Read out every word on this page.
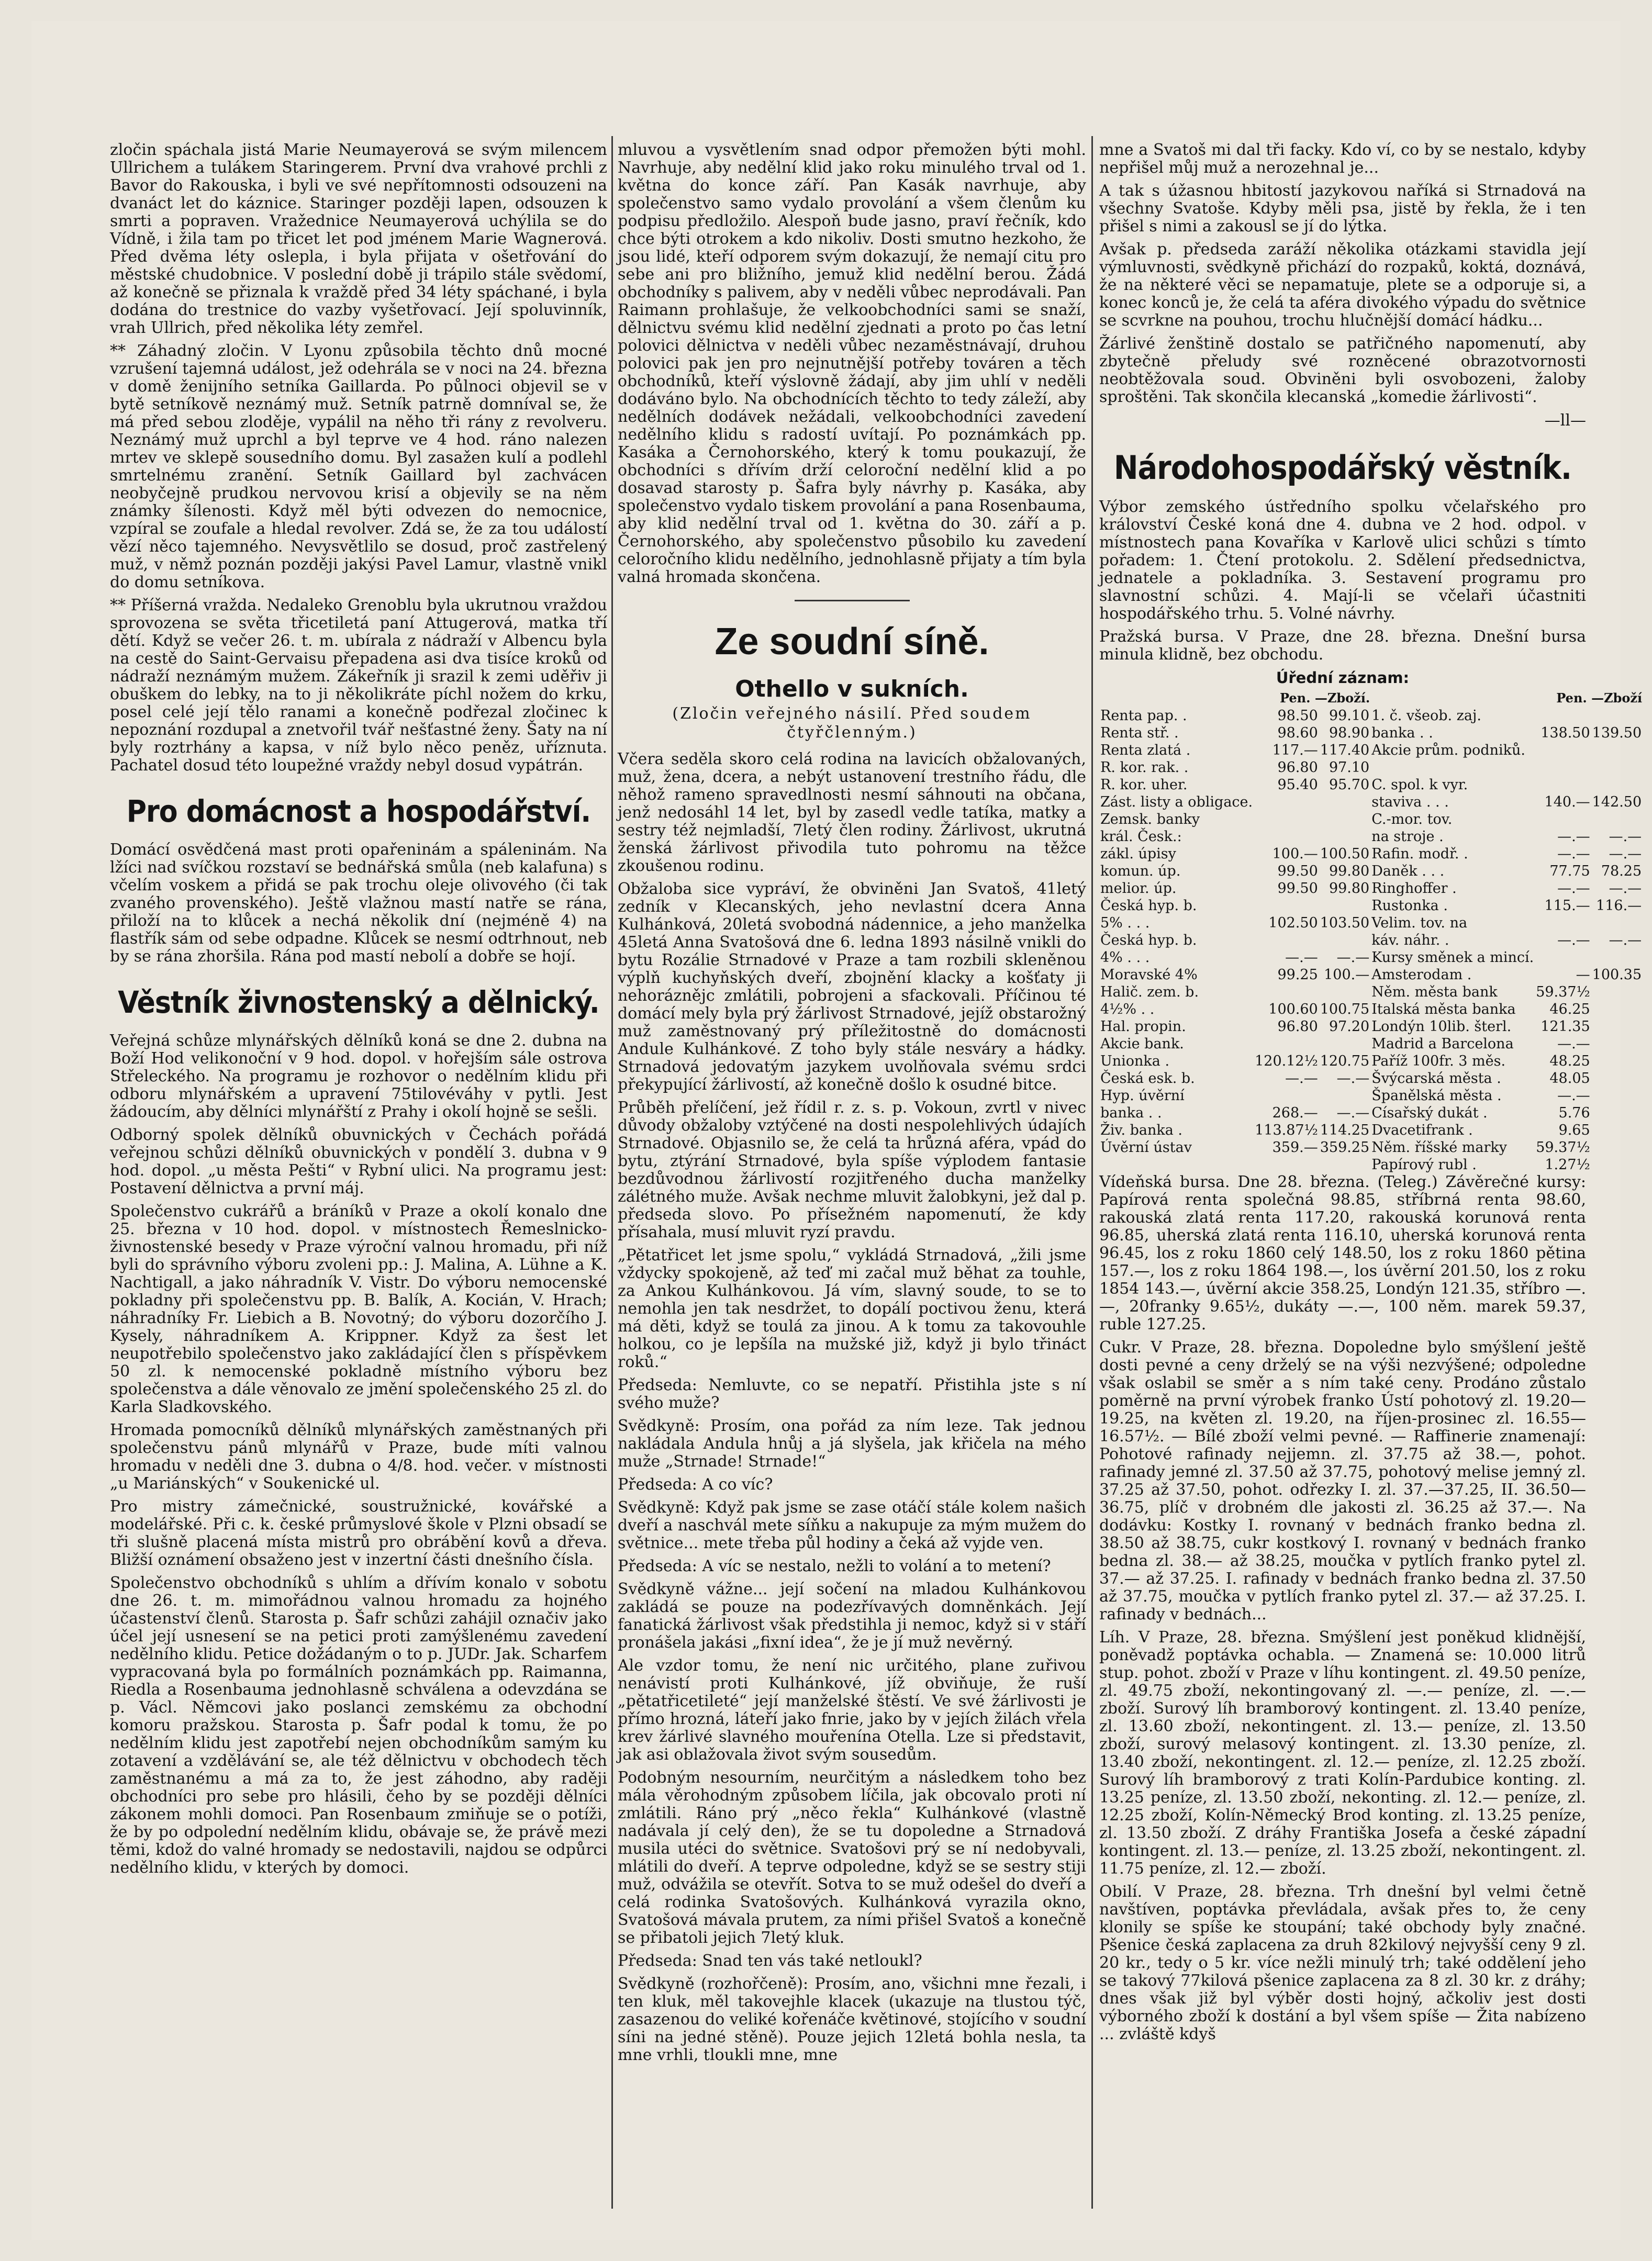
zločin spáchala jistá Marie Neumayerová se svým milencem Ullrichem a tulákem Staringerem. První dva vrahové prchli z Bavor do Rakouska, i byli ve své nepřítomnosti odsouzeni na dvanáct let do káznice. Staringer později lapen, odsouzen k smrti a popraven. Vražednice Neumayerová uchýlila se do Vídně, i žila tam po třicet let pod jménem Marie Wagnerová. Před dvěma léty oslepla, i byla přijata v ošetřování do městské chudobnice. V poslední době ji trápilo stále svědomí, až konečně se přiznala k vraždě před 34 léty spáchané, i byla dodána do trestnice do vazby vyšetřovací. Její spoluvinník, vrah Ullrich, před několika léty zemřel.

** Záhadný zločin. V Lyonu způsobila těchto dnů mocné vzrušení tajemná událost, jež odehrála se v noci na 24. března v domě ženijního setníka Gaillarda. Po půlnoci objevil se v bytě setníkově neznámý muž. Setník patrně domníval se, že má před sebou zloděje, vypálil na něho tři rány z revolveru. Neznámý muž uprchl a byl teprve ve 4 hod. ráno nalezen mrtev ve sklepě sousedního domu. Byl zasažen kulí a podlehl smrtelnému zranění. Setník Gaillard byl zachvácen neobyčejně prudkou nervovou krisí a objevily se na něm známky šílenosti. Když měl býti odvezen do nemocnice, vzpíral se zoufale a hledal revolver. Zdá se, že za tou událostí vězí něco tajemného. Nevysvětlilo se dosud, proč zastřelený muž, v němž poznán později jakýsi Pavel Lamur, vlastně vnikl do domu setníkova.

** Příšerná vražda. Nedaleko Grenoblu byla ukrutnou vraždou sprovozena se světa třicetiletá paní Attugerová, matka tří dětí. Když se večer 26. t. m. ubírala z nádraží v Albencu byla na cestě do Saint-Gervaisu přepadena asi dva tisíce kroků od nádraží neznámým mužem. Zákeřník ji srazil k zemi uděřiv ji obuškem do lebky, na to ji několikráte píchl nožem do krku, posel celé její tělo ranami a konečně podřezal zločinec k nepoznání rozdupal a znetvořil tvář nešťastné ženy. Šaty na ní byly roztrhány a kapsa, v níž bylo něco peněz, uříznuta. Pachatel dosud této loupežné vraždy nebyl dosud vypátrán.

Pro domácnost a hospodářství.

Domácí osvědčená mast proti opařeninám a spáleninám. Na lžíci nad svíčkou rozstaví se bednářská smůla (neb kalafuna) s včelím voskem a přidá se pak trochu oleje olivového (či tak zvaného provenského). Ještě vlažnou mastí natře se rána, přiloží na to klůcek a nechá několik dní (nejméně 4) na flastřík sám od sebe odpadne. Klůcek se nesmí odtrhnout, neb by se rána zhoršila. Rána pod mastí nebolí a dobře se hojí.

Věstník živnostenský a dělnický.

Veřejná schůze mlynářských dělníků koná se dne 2. dubna na Boží Hod velikonoční v 9 hod. dopol. v hořejším sále ostrova Střeleckého. Na programu je rozhovor o nedělním klidu při odboru mlynářském a upravení 75tilovéváhy v pytli. Jest žádoucím, aby dělníci mlynářští z Prahy i okolí hojně se sešli.

Odborný spolek dělníků obuvnických v Čechách pořádá veřejnou schůzi dělníků obuvnických v pondělí 3. dubna v 9 hod. dopol. „u města Pešti“ v Rybní ulici. Na programu jest: Postavení dělnictva a první máj.

Společenstvo cukrářů a bráníků v Praze a okolí konalo dne 25. března v 10 hod. dopol. v místnostech Řemeslnicko-živnostenské besedy v Praze výroční valnou hromadu, při níž byli do správního výboru zvoleni pp.: J. Malina, A. Lühne a K. Nachtigall, a jako náhradník V. Vistr. Do výboru nemocenské pokladny při společenstvu pp. B. Balík, A. Kocián, V. Hrach; náhradníky Fr. Liebich a B. Novotný; do výboru dozorčího J. Kysely, náhradníkem A. Krippner. Když za šest let neupotřebilo společenstvo jako zakládající člen s příspěvkem 50 zl. k nemocenské pokladně místního výboru bez společenstva a dále věnovalo ze jmění společenského 25 zl. do Karla Sladkovského.

Hromada pomocníků dělníků mlynářských zaměstnaných při společenstvu pánů mlynářů v Praze, bude míti valnou hromadu v neděli dne 3. dubna o 4/8. hod. večer. v místnosti „u Mariánských“ v Soukenické ul.

Pro mistry zámečnické, soustružnické, kovářské a modelářské. Při c. k. české průmyslové škole v Plzni obsadí se tři slušně placená místa mistrů pro obrábění kovů a dřeva. Bližší oznámení obsaženo jest v inzertní části dnešního čísla.

Společenstvo obchodníků s uhlím a dřívím konalo v sobotu dne 26. t. m. mimořádnou valnou hromadu za hojného účastenství členů. Starosta p. Šafr schůzi zahájil označiv jako účel její usnesení se na petici proti zamýšlenému zavedení nedělního klidu. Petice dožádaným o to p. JUDr. Jak. Scharfem vypracovaná byla po formálních poznámkách pp. Raimanna, Riedla a Rosenbauma jednohlasně schválena a odevzdána se p. Václ. Němcovi jako poslanci zemskému za obchodní komoru pražskou. Starosta p. Šafr podal k tomu, že po nedělním klidu jest zapotřebí nejen obchodníkům samým ku zotavení a vzdělávání se, ale též dělnictvu v obchodech těch zaměstnanému a má za to, že jest záhodno, aby raději obchodníci pro sebe pro hlásili, čeho by se později dělníci zákonem mohli domoci. Pan Rosenbaum zmiňuje se o potíži, že by po odpolední nedělním klidu, obávaje se, že právě mezi těmi, kdož do valné hromady se nedostavili, najdou se odpůrci nedělního klidu, v kterých by domoci.

mluvou a vysvětlením snad odpor přemožen býti mohl. Navrhuje, aby nedělní klid jako roku minulého trval od 1. května do konce září. Pan Kasák navrhuje, aby společenstvo samo vydalo provolání a všem členům ku podpisu předložilo. Alespoň bude jasno, praví řečník, kdo chce býti otrokem a kdo nikoliv. Dosti smutno hezkoho, že jsou lidé, kteří odporem svým dokazují, že nemají citu pro sebe ani pro bližního, jemuž klid nedělní berou. Žádá obchodníky s palivem, aby v neděli vůbec neprodávali. Pan Raimann prohlašuje, že velkoobchodníci sami se snaží, dělnictvu svému klid nedělní zjednati a proto po čas letní polovici dělnictva v neděli vůbec nezaměstnávají, druhou polovici pak jen pro nejnutnější potřeby továren a těch obchodníků, kteří výslovně žádají, aby jim uhlí v neděli dodáváno bylo. Na obchodnících těchto to tedy záleží, aby nedělních dodávek nežádali, velkoobchodníci zavedení nedělního klidu s radostí uvítají. Po poznámkách pp. Kasáka a Černohorského, který k tomu poukazují, že obchodníci s dřívím drží celoroční nedělní klid a po dosavad starosty p. Šafra byly návrhy p. Kasáka, aby společenstvo vydalo tiskem provolání a pana Rosenbauma, aby klid nedělní trval od 1. května do 30. září a p. Černohorského, aby společenstvo působilo ku zavedení celoročního klidu nedělního, jednohlasně přijaty a tím byla valná hromada skončena.

Ze soudní síně.
Othello v sukních.
(Zločin veřejného násilí. Před soudem čtyřčlenným.)

Včera seděla skoro celá rodina na lavicích obžalovaných, muž, žena, dcera, a nebýt ustanovení trestního řádu, dle něhož rameno spravedlnosti nesmí sáhnouti na občana, jenž nedosáhl 14 let, byl by zasedl vedle tatíka, matky a sestry též nejmladší, 7letý člen rodiny. Žárlivost, ukrutná ženská žárlivost přivodila tuto pohromu na těžce zkoušenou rodinu.

Obžaloba sice vypráví, že obviněni Jan Svatoš, 41letý zedník v Klecanských, jeho nevlastní dcera Anna Kulhánková, 20letá svobodná nádennice, a jeho manželka 45letá Anna Svatošová dne 6. ledna 1893 násilně vnikli do bytu Rozálie Strnadové v Praze a tam rozbili skleněnou výplň kuchyňských dveří, zbojnění klacky a košťaty ji nehoráznějc zmlátili, pobrojeni a sfackovali. Příčinou té domácí mely byla prý žárlivost Strnadové, jejíž obstarožný muž zaměstnovaný prý příležitostně do domácnosti Andule Kulhánkové. Z toho byly stále nesváry a hádky. Strnadová jedovatým jazykem uvolňovala svému srdci překypující žárlivostí, až konečně došlo k osudné bitce.

Průběh přelíčení, jež řídil r. z. s. p. Vokoun, zvrtl v nivec důvody obžaloby vztýčené na dosti nespolehlivých údajích Strnadové. Objasnilo se, že celá ta hrůzná aféra, vpád do bytu, ztýrání Strnadové, byla spíše výplodem fantasie bezdůvodnou žárlivostí rozjitřeného ducha manželky zálétného muže. Avšak nechme mluvit žalobkyni, jež dal p. předseda slovo. Po přísežném napomenutí, že kdy přísahala, musí mluvit ryzí pravdu.

„Pětatřicet let jsme spolu,“ vykládá Strnadová, „žili jsme vždycky spokojeně, až teď mi začal muž běhat za touhle, za Ankou Kulhánkovou. Já vím, slavný soude, to se to nemohla jen tak nesdržet, to dopálí poctivou ženu, která má děti, když se toulá za jinou. A k tomu za takovouhle holkou, co je lepšíla na mužské již, když ji bylo třináct roků.“

Předseda: Nemluvte, co se nepatří. Přistihla jste s ní svého muže?

Svědkyně: Prosím, ona pořád za ním leze. Tak jednou nakládala Andula hnůj a já slyšela, jak křičela na mého muže „Strnade! Strnade!“

Předseda: A co víc?

Svědkyně: Když pak jsme se zase otáčí stále kolem našich dveří a naschvál mete síňku a nakupuje za mým mužem do světnice... mete třeba půl hodiny a čeká až vyjde ven.

Předseda: A víc se nestalo, nežli to volání a to metení?

Svědkyně vážne... její sočení na mladou Kulhánkovou zakládá se pouze na podezřívavých domněnkách. Její fanatická žárlivost však předstihla ji nemoc, když si v stáří pronášela jakási „fixní idea“, že je jí muž nevěrný.

Ale vzdor tomu, že není nic určitého, plane zuřivou nenávistí proti Kulhánkové, jíž obviňuje, že ruší „pětatřicetileté“ její manželské štěstí. Ve své žárlivosti je přímo hrozná, láteří jako fnrie, jako by v jejích žilách vřela krev žárlivé slavného mouřenína Otella. Lze si představit, jak asi oblažovala život svým sousedům.

Podobným nesourním, neurčitým a následkem toho bez mála věrohodným způsobem líčila, jak obcovalo proti ní zmlátili. Ráno prý „něco řekla“ Kulhánkové (vlastně nadávala jí celý den), že se tu dopoledne a Strnadová musila utéci do světnice. Svatošovi prý se ní nedobyvali, mlátili do dveří. A teprve odpoledne, když se se sestry stiji muž, odvážila se otevřít. Sotva to se muž odešel do dveří a celá rodinka Svatošových. Kulhánková vyrazila okno, Svatošová mávala prutem, za ními přišel Svatoš a konečně se přibatoli jejich 7letý kluk.

Předseda: Snad ten vás také netloukl?

Svědkyně (rozhořčeně): Prosím, ano, všichni mne řezali, i ten kluk, měl takovejhle klacek (ukazuje na tlustou týč, zasazenou do veliké kořenáče květinové, stojícího v soudní síni na jedné stěně). Pouze jejich 12letá bohla nesla, ta mne vrhli, tloukli mne, mne

mne a Svatoš mi dal tři facky. Kdo ví, co by se nestalo, kdyby nepřišel můj muž a nerozehnal je...

A tak s úžasnou hbitostí jazykovou naříká si Strnadová na všechny Svatoše. Kdyby měli psa, jistě by řekla, že i ten přišel s nimi a zakousl se jí do lýtka.

Avšak p. předseda zaráží několika otázkami stavidla její výmluvnosti, svědkyně přichází do rozpaků, koktá, doznává, že na některé věci se nepamatuje, plete se a odporuje si, a konec konců je, že celá ta aféra divokého výpadu do světnice se scvrkne na pouhou, trochu hlučnější domácí hádku...

Žárlivé ženštině dostalo se patřičného napomenutí, aby zbytečně přeludy své rozněcené obrazotvornosti neobtěžovala soud. Obviněni byli osvobozeni, žaloby sproštěni. Tak skončila klecanská „komedie žárlivosti“.

—ll—
Národohospodářský věstník.

Výbor zemského ústředního spolku včelařského pro království České koná dne 4. dubna ve 2 hod. odpol. v místnostech pana Kovaříka v Karlově ulici schůzi s tímto pořadem: 1. Čtení protokolu. 2. Sdělení předsednictva, jednatele a pokladníka. 3. Sestavení programu pro slavnostní schůzi. 4. Mají-li se včelaři účastniti hospodářského trhu. 5. Volné návrhy.

Pražská bursa. V Praze, dne 28. března. Dnešní bursa minula klidně, bez obchodu.

Úřední záznam:
	Pen. —Zboží.			Pen. —Zboží	
Renta pap. .	98.50	99.10	1. č. všeob. zaj.		
Renta stř. .	98.60	98.90	banka . .	138.50	139.50
Renta zlatá .	117.—	117.40	Akcie prům. podniků.		
R. kor. rak. .	96.80	97.10			
R. kor. uher.	95.40	95.70	C. spol. k vyr.		
Zást. listy a obligace.			staviva . . .	140.—	142.50
Zemsk. banky			C.-mor. tov.		
král. Česk.:			na stroje .	—.—	—.—
zákl. úpisy	100.—	100.50	Rafin. modř. .	—.—	—.—
komun. úp.	99.50	99.80	Daněk . . .	77.75	78.25
melior. úp.	99.50	99.80	Ringhoffer .	—.—	—.—
Česká hyp. b.			Rustonka .	115.—	116.—
5% . . .	102.50	103.50	Velim. tov. na		
Česká hyp. b.			káv. náhr. .	—.—	—.—
4% . . .	—.—	—.—	Kursy směnek a mincí.		
Moravské 4%	99.25	100.—	Amsterodam .	—	100.35
Halič. zem. b.			Něm. města bank	59.37½	
4½% . .	100.60	100.75	Italská města banka	46.25	
Hal. propin.	96.80	97.20	Londýn 10lib. šterl.	121.35	
Akcie bank.			Madrid a Barcelona	—.—	
Unionka .	120.12½	120.75	Paříž 100fr. 3 měs.	48.25	
Česká esk. b.	—.—	—.—	Švýcarská města .	48.05	
Hyp. úvěrní			Španělská města .	—.—	
banka . .	268.—	—.—	Císařský dukát .	5.76	
Živ. banka .	113.87½	114.25	Dvacetifrank .	9.65	
Úvěrní ústav	359.—	359.25	Něm. říšské marky	59.37½	
			Papírový rubl .	1.27½	

Vídeňská bursa. Dne 28. března. (Teleg.) Závěrečné kursy: Papírová renta společná 98.85, stříbrná renta 98.60, rakouská zlatá renta 117.20, rakouská korunová renta 96.85, uherská zlatá renta 116.10, uherská korunová renta 96.45, los z roku 1860 celý 148.50, los z roku 1860 pětina 157.—, los z roku 1864 198.—, los úvěrní 201.50, los z roku 1854 143.—, úvěrní akcie 358.25, Londýn 121.35, stříbro —.—, 20franky 9.65½, dukáty —.—, 100 něm. marek 59.37, ruble 127.25.

Cukr. V Praze, 28. března. Dopoledne bylo smýšlení ještě dosti pevné a ceny drželý se na výši nezvýšené; odpoledne však oslabil se směr a s ním také ceny. Prodáno zůstalo poměrně na první výrobek franko Ústí pohotový zl. 19.20—19.25, na květen zl. 19.20, na říjen-prosinec zl. 16.55—16.57½. — Bílé zboží velmi pevné. — Raffinerie znamenají: Pohotové rafinady nejjemn. zl. 37.75 až 38.—, pohot. rafinady jemné zl. 37.50 až 37.75, pohotový melise jemný zl. 37.25 až 37.50, pohot. odřezky I. zl. 37.—37.25, II. 36.50—36.75, plíč v drobném dle jakosti zl. 36.25 až 37.—. Na dodávku: Kostky I. rovnaný v bednách franko bedna zl. 38.50 až 38.75, cukr kostkový I. rovnaný v bednách franko bedna zl. 38.— až 38.25, moučka v pytlích franko pytel zl. 37.— až 37.25. I. rafinady v bednách franko bedna zl. 37.50 až 37.75, moučka v pytlích franko pytel zl. 37.— až 37.25. I. rafinady v bednách...

Líh. V Praze, 28. března. Smýšlení jest poněkud klidnější, poněvadž poptávka ochabla. — Znamená se: 10.000 litrů stup. pohot. zboží v Praze v líhu kontingent. zl. 49.50 peníze, zl. 49.75 zboží, nekontingovaný zl. —.— peníze, zl. —.— zboží. Surový líh bramborový kontingent. zl. 13.40 peníze, zl. 13.60 zboží, nekontingent. zl. 13.— peníze, zl. 13.50 zboží, surový melasový kontingent. zl. 13.30 peníze, zl. 13.40 zboží, nekontingent. zl. 12.— peníze, zl. 12.25 zboží. Surový líh bramborový z trati Kolín-Pardubice konting. zl. 13.25 peníze, zl. 13.50 zboží, nekonting. zl. 12.— peníze, zl. 12.25 zboží, Kolín-Německý Brod konting. zl. 13.25 peníze, zl. 13.50 zboží. Z dráhy Františka Josefa a české západní kontingent. zl. 13.— peníze, zl. 13.25 zboží, nekontingent. zl. 11.75 peníze, zl. 12.— zboží.

Obilí. V Praze, 28. března. Trh dnešní byl velmi četně navštíven, poptávka převládala, avšak přes to, že ceny klonily se spíše ke stoupání; také obchody byly značné. Pšenice česká zaplacena za druh 82kilový nejvyšší ceny 9 zl. 20 kr., tedy o 5 kr. více nežli minulý trh; také oddělení jeho se takový 77kilová pšenice zaplacena za 8 zl. 30 kr. z dráhy; dnes však již byl výběr dosti hojný, ačkoliv jest dosti výborného zboží k dostání a byl všem spíše — Žita nabízeno ... zvláště kdyš
